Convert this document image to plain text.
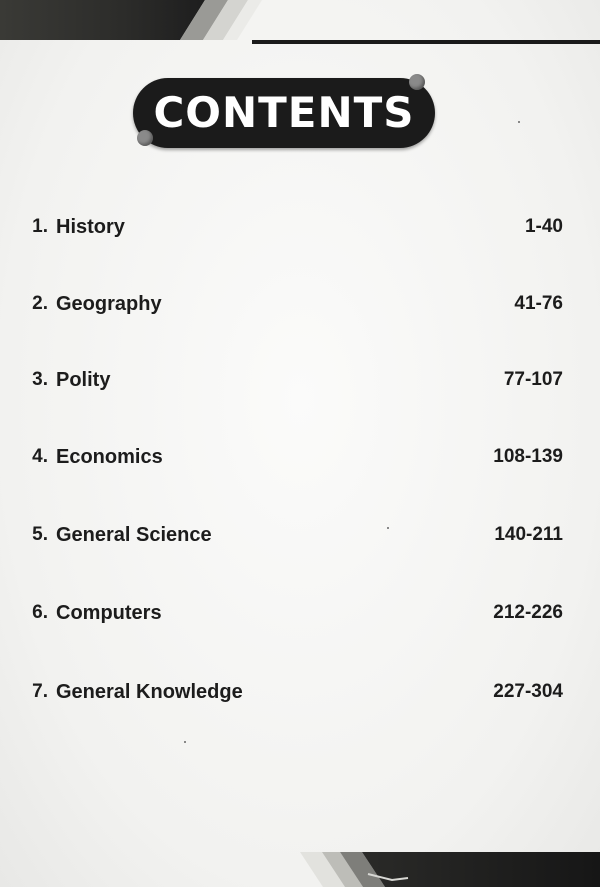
CONTENTS
1. History	1-40
2. Geography	41-76
3. Polity	77-107
4. Economics	108-139
5. General Science	140-211
6. Computers	212-226
7. General Knowledge	227-304
